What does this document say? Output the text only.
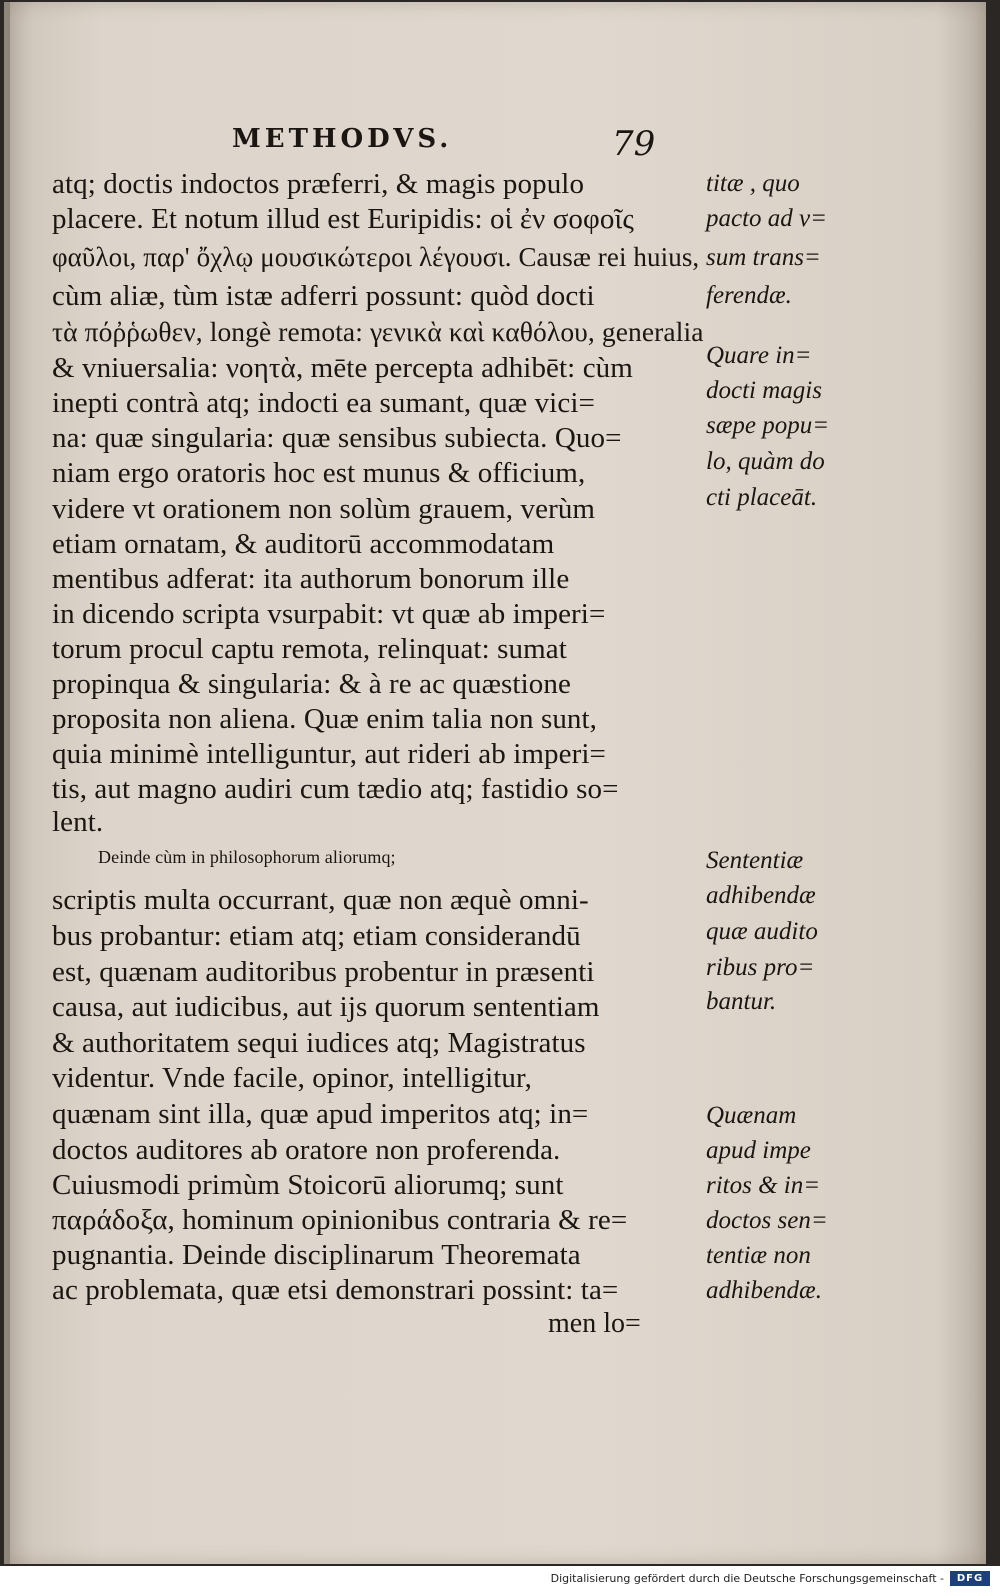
METHODVS.	79
atq; doctis indoctos præferri, & magis populo
placere. Et notum illud est Euripidis: οἱ ἐν σοφοῖς
φαῦλοι, παρ' ὄχλῳ μουσικώτεροι λέγουσι. Causæ rei huius,
cùm aliæ, tùm istæ adferri possunt: quòd docti
τὰ πόῤῥωθεν, longè remota: γενικὰ καὶ καθόλου, generalia
& vniuersalia: νοητὰ, mēte percepta adhibēt: cùm
inepti contrà atq; indocti ea sumant, quæ vici=
na: quæ singularia: quæ sensibus subiecta. Quo=
niam ergo oratoris hoc est munus & officium,
videre vt orationem non solùm grauem, verùm
etiam ornatam, & auditorū accommodatam
mentibus adferat: ita authorum bonorum ille
in dicendo scripta vsurpabit: vt quæ ab imperi=
torum procul captu remota, relinquat: sumat
propinqua & singularia: & à re ac quæstione
proposita non aliena. Quæ enim talia non sunt,
quia minimè intelliguntur, aut rideri ab imperi=
tis, aut magno audiri cum tædio atq; fastidio so=
lent.
Deinde cùm in philosophorum aliorumq;
scriptis multa occurrant, quæ non æquè omni-
bus probantur: etiam atq; etiam considerandū
est, quænam auditoribus probentur in præsenti
causa, aut iudicibus, aut ijs quorum sententiam
& authoritatem sequi iudices atq; Magistratus
videntur. Vnde facile, opinor, intelligitur,
quænam sint illa, quæ apud imperitos atq; in=
doctos auditores ab oratore non proferenda.
Cuiusmodi primùm Stoicorū aliorumq; sunt
παράδοξα, hominum opinionibus contraria & re=
pugnantia. Deinde disciplinarum Theoremata
ac problemata, quæ etsi demonstrari possint: ta=
titæ , quo
pacto ad v=
sum trans=
ferendæ.
Quare in=
docti magis
sæpe popu=
lo, quàm do
cti placeāt.
Sententiæ
adhibendæ
quæ audito
ribus pro=
bantur.
Quænam
apud impe
ritos & in=
doctos sen=
tentiæ non
adhibendæ.
men lo=
Digitalisierung gefördert durch die Deutsche Forschungsgemeinschaft -	DFG
